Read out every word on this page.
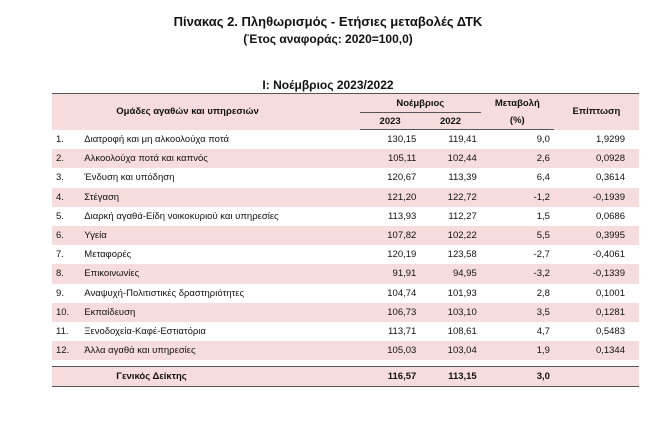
Πίνακας 2. Πληθωρισμός - Ετήσιες μεταβολές ΔΤΚ
(Έτος αναφοράς: 2020=100,0)
I: Νοέμβριος 2023/2022
	Ομάδες αγαθών και υπηρεσιών	Νοέμβριος		Μεταβολή	Επίπτωση
		2023	2022	(%)	
1.	Διατροφή και μη αλκοολούχα ποτά	130,15	119,41	9,0	1,9299
2.	Αλκοολούχα ποτά και καπνός	105,11	102,44	2,6	0,0928
3.	Ένδυση και υπόδηση	120,67	113,39	6,4	0,3614
4.	Στέγαση	121,20	122,72	-1,2	-0,1939
5.	Διαρκή αγαθά-Είδη νοικοκυριού και υπηρεσίες	113,93	112,27	1,5	0,0686
6.	Υγεία	107,82	102,22	5,5	0,3995
7.	Μεταφορές	120,19	123,58	-2,7	-0,4061
8.	Επικοινωνίες	91,91	94,95	-3,2	-0,1339
9.	Αναψυχή-Πολιτιστικές δραστηριότητες	104,74	101,93	2,8	0,1001
10.	Εκπαίδευση	106,73	103,10	3,5	0,1281
11.	Ξενοδοχεία-Καφέ-Εστιατόρια	113,71	108,61	4,7	0,5483
12.	Άλλα αγαθά και υπηρεσίες	105,03	103,04	1,9	0,1344

	Γενικός Δείκτης	116,57	113,15	3,0	
